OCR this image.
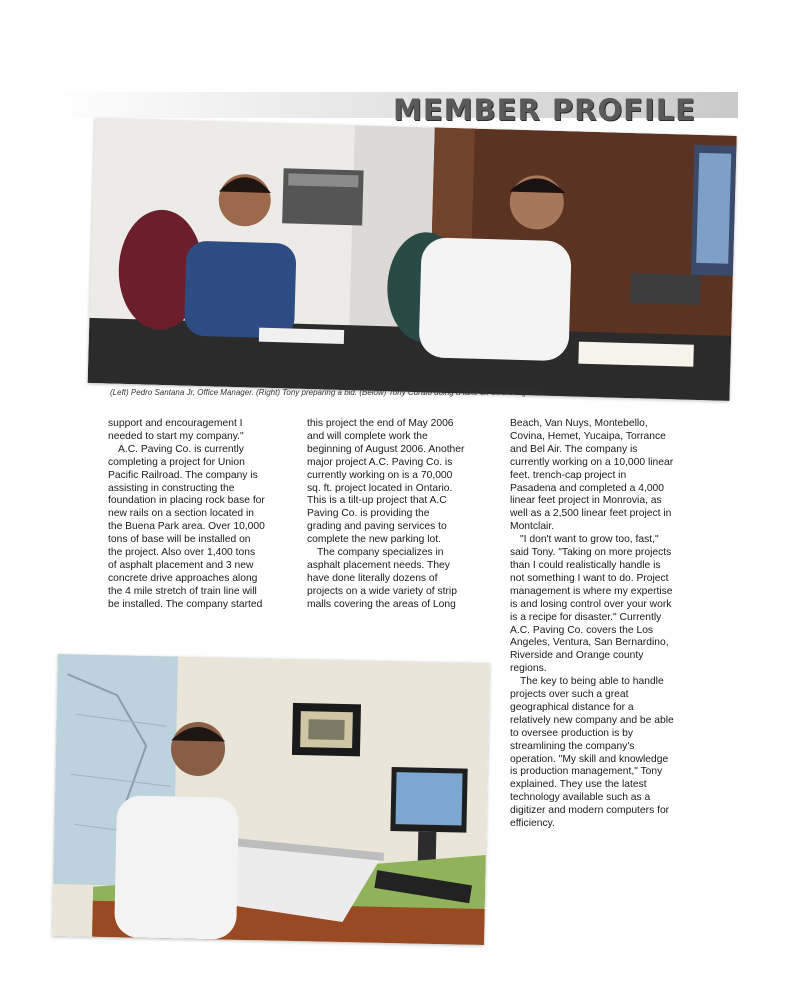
MEMBER PROFILE
(Left) Pedro Santana Jr, Office Manager. (Right) Tony preparing a bid. (Below) Tony Curato doing a take off on the digitizer.

support and encouragement I needed to start my company."

A.C. Paving Co. is currently completing a project for Union Pacific Railroad. The company is assisting in constructing the foundation in placing rock base for new rails on a section located in the Buena Park area. Over 10,000 tons of base will be installed on the project. Also over 1,400 tons of asphalt placement and 3 new concrete drive approaches along the 4 mile stretch of train line will be installed. The company started

this project the end of May 2006 and will complete work the beginning of August 2006. Another major project A.C. Paving Co. is currently working on is a 70,000 sq. ft. project located in Ontario. This is a tilt-up project that A.C Paving Co. is providing the grading and paving services to complete the new parking lot.

The company specializes in asphalt placement needs. They have done literally dozens of projects on a wide variety of strip malls covering the areas of Long

Beach, Van Nuys, Montebello, Covina, Hemet, Yucaipa, Torrance and Bel Air. The company is currently working on a 10,000 linear feet. trench-cap project in Pasadena and completed a 4,000 linear feet project in Monrovia, as well as a 2,500 linear feet project in Montclair.

"I don't want to grow too, fast," said Tony. "Taking on more projects than I could realistically handle is not something I want to do. Project management is where my expertise is and losing control over your work is a recipe for disaster." Currently A.C. Paving Co. covers the Los Angeles, Ventura, San Bernardino, Riverside and Orange county regions.

The key to being able to handle projects over such a great geographical distance for a relatively new company and be able to oversee production is by streamlining the company's operation. "My skill and knowledge is production management," Tony explained. They use the latest technology available such as a digitizer and modern computers for efficiency.
